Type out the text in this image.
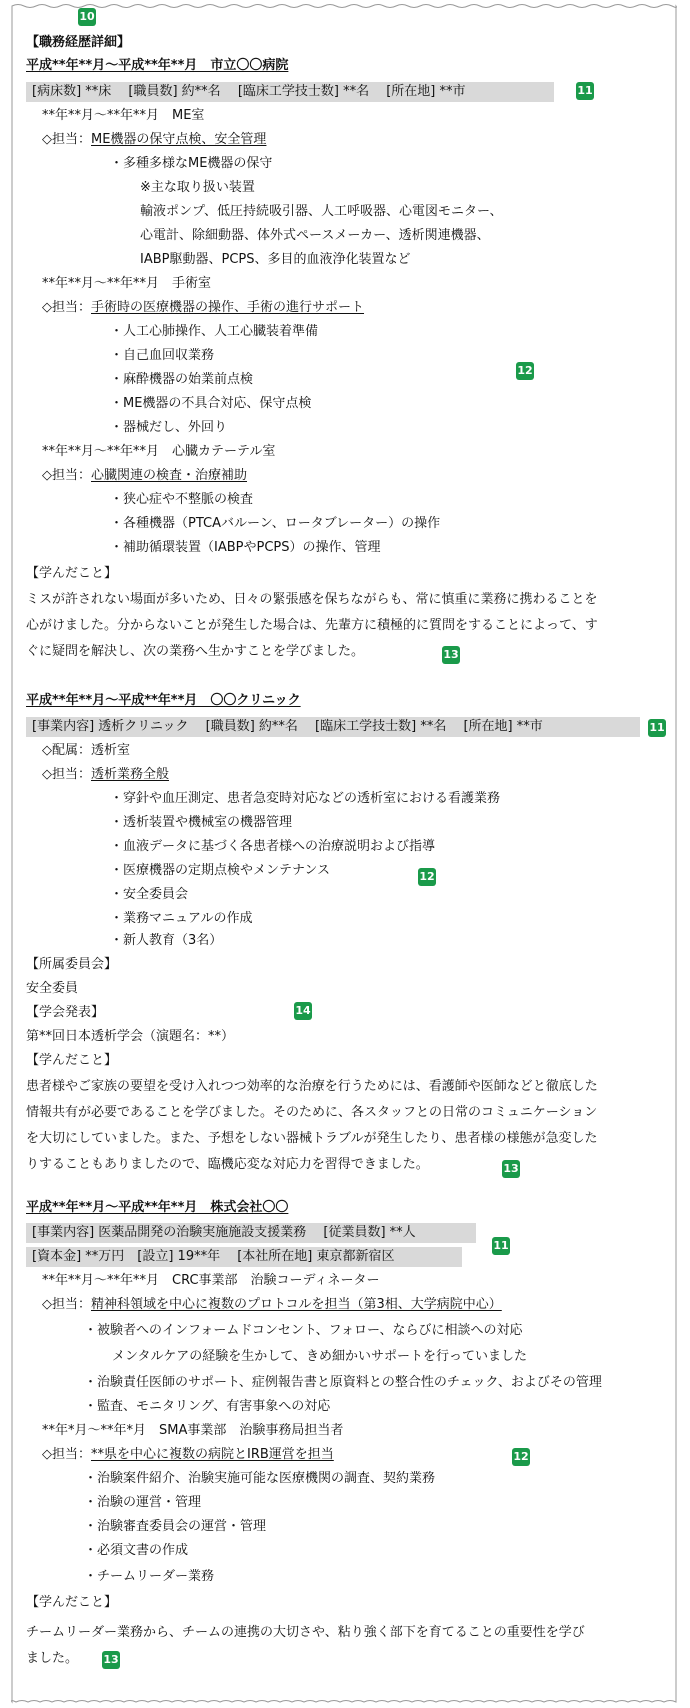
10
【職務経歴詳細】
平成**年**月～平成**年**月　市立〇〇病院
[病床数] **床　 [職員数] 約**名　 [臨床工学技士数] **名　 [所在地] **市	11
**年**月～**年**月　ME室
◇担当：ME機器の保守点検、安全管理
・多種多様なME機器の保守
※主な取り扱い装置
輸液ポンプ、低圧持続吸引器、人工呼吸器、心電図モニター、
心電計、除細動器、体外式ペースメーカー、透析関連機器、
IABP駆動器、PCPS、多目的血液浄化装置など
**年**月～**年**月　手術室
◇担当：手術時の医療機器の操作、手術の進行サポート
・人工心肺操作、人工心臓装着準備
・自己血回収業務
・麻酔機器の始業前点検
・ME機器の不具合対応、保守点検
・器械だし、外回り
12
**年**月～**年**月　心臓カテーテル室
◇担当：心臓関連の検査・治療補助
・狭心症や不整脈の検査
・各種機器（PTCAバルーン、ロータブレーター）の操作
・補助循環装置（IABPやPCPS）の操作、管理
【学んだこと】
ミスが許されない場面が多いため、日々の緊張感を保ちながらも、常に慎重に業務に携わることを
心がけました。分からないことが発生した場合は、先輩方に積極的に質問をすることによって、す
ぐに疑問を解決し、次の業務へ生かすことを学びました。	13
平成**年**月～平成**年**月　〇〇クリニック
[事業内容] 透析クリニック　 [職員数] 約**名　 [臨床工学技士数] **名　 [所在地] **市	11
◇配属：透析室
◇担当：透析業務全般
・穿針や血圧測定、患者急変時対応などの透析室における看護業務
・透析装置や機械室の機器管理
・血液データに基づく各患者様への治療説明および指導
・医療機器の定期点検やメンテナンス
・安全委員会
・業務マニュアルの作成
・新人教育（3名）
12
【所属委員会】
安全委員
【学会発表】	14
第**回日本透析学会（演題名：**）
【学んだこと】
患者様やご家族の要望を受け入れつつ効率的な治療を行うためには、看護師や医師などと徹底した
情報共有が必要であることを学びました。そのために、各スタッフとの日常のコミュニケーション
を大切にしていました。また、予想をしない器械トラブルが発生したり、患者様の様態が急変した
りすることもありましたので、臨機応変な対応力を習得できました。	13
平成**年**月～平成**年**月　株式会社〇〇
[事業内容] 医薬品開発の治験実施施設支援業務　 [従業員数] **人
[資本金] **万円　[設立] 19**年　 [本社所在地] 東京都新宿区
11
**年**月～**年**月　CRC事業部　治験コーディネーター
◇担当：精神科領域を中心に複数のプロトコルを担当（第3相、大学病院中心）
・被験者へのインフォームドコンセント、フォロー、ならびに相談への対応
メンタルケアの経験を生かして、きめ細かいサポートを行っていました
・治験責任医師のサポート、症例報告書と原資料との整合性のチェック、およびその管理
・監査、モニタリング、有害事象への対応
**年*月～**年*月　SMA事業部　治験事務局担当者
◇担当：**県を中心に複数の病院とIRB運営を担当	12
・治験案件紹介、治験実施可能な医療機関の調査、契約業務
・治験の運営・管理
・治験審査委員会の運営・管理
・必須文書の作成
・チームリーダー業務
【学んだこと】
チームリーダー業務から、チームの連携の大切さや、粘り強く部下を育てることの重要性を学び
ました。 13
